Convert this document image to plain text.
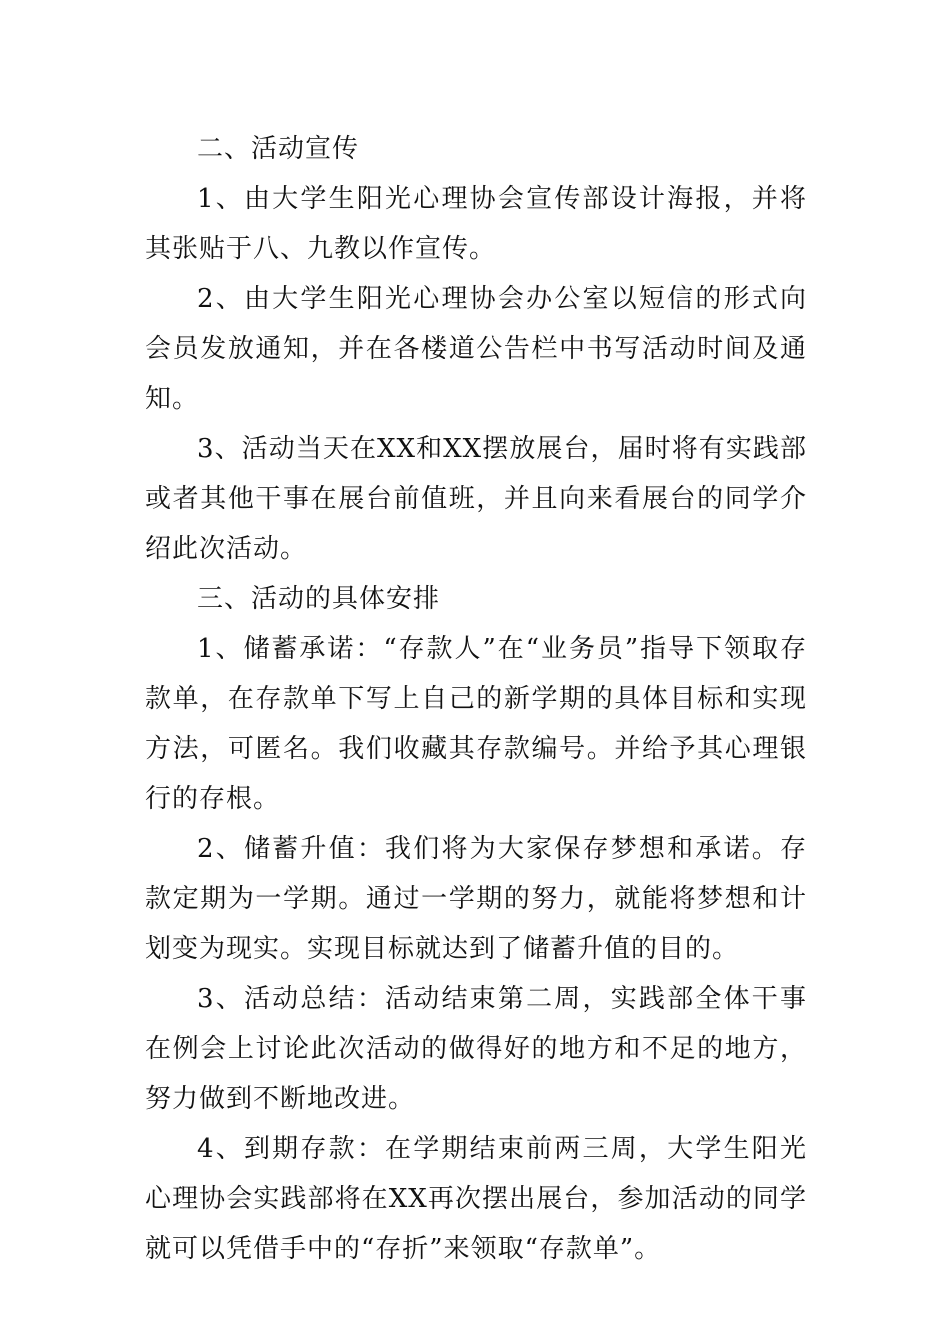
二、活动宣传

1、由大学生阳光心理协会宣传部设计海报，并将其张贴于八、九教以作宣传。

2、由大学生阳光心理协会办公室以短信的形式向会员发放通知，并在各楼道公告栏中书写活动时间及通知。

3、活动当天在XX和XX摆放展台，届时将有实践部或者其他干事在展台前值班，并且向来看展台的同学介绍此次活动。

三、活动的具体安排

1、储蓄承诺：“存款人”在“业务员”指导下领取存款单，在存款单下写上自己的新学期的具体目标和实现方法，可匿名。我们收藏其存款编号。并给予其心理银行的存根。

2、储蓄升值：我们将为大家保存梦想和承诺。存款定期为一学期。通过一学期的努力，就能将梦想和计划变为现实。实现目标就达到了储蓄升值的目的。

3、活动总结：活动结束第二周，实践部全体干事在例会上讨论此次活动的做得好的地方和不足的地方，努力做到不断地改进。

4、到期存款：在学期结束前两三周，大学生阳光心理协会实践部将在XX再次摆出展台，参加活动的同学就可以凭借手中的“存折”来领取“存款单”。
